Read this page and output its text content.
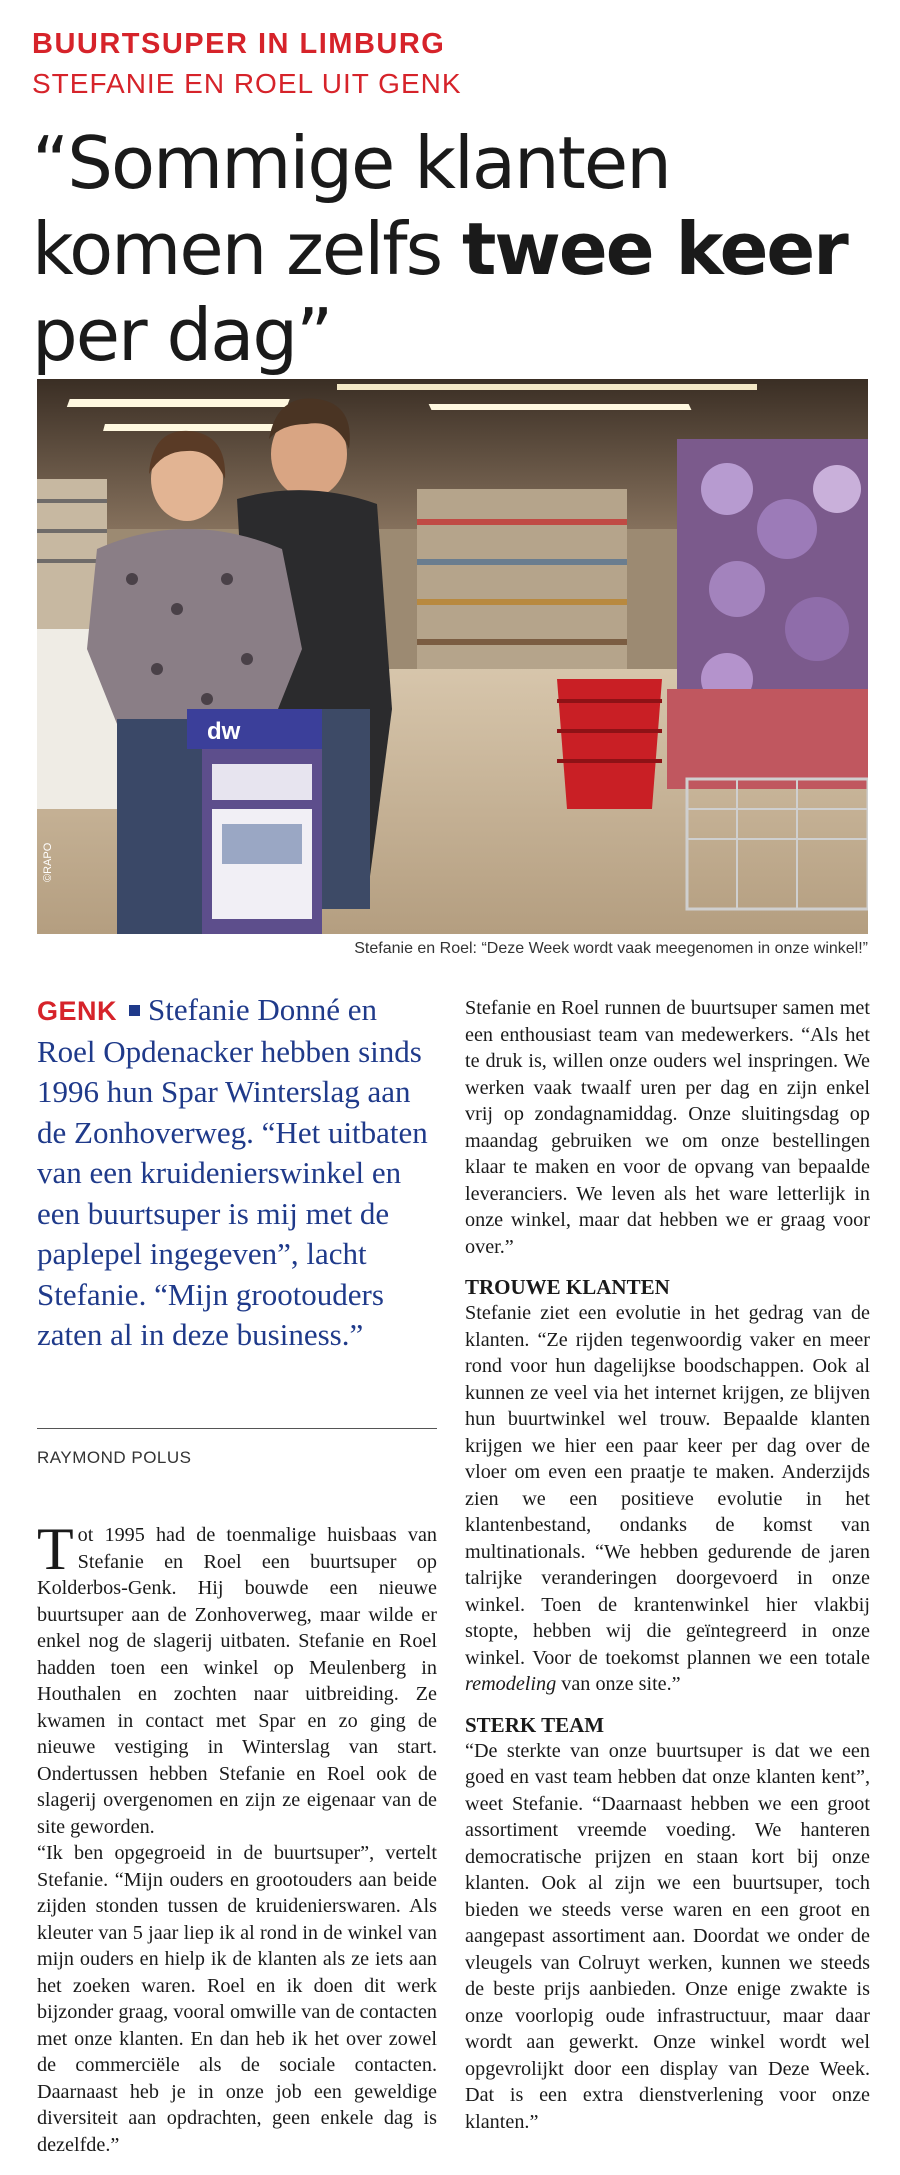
BUURTSUPER IN LIMBURG
STEFANIE EN ROEL UIT GENK
“Sommige klanten komen zelfs twee keer per dag”
dw
©RAPO
Stefanie en Roel: “Deze Week wordt vaak meegenomen in onze winkel!”
GENK Stefanie Donné en Roel Opdenacker hebben sinds 1996 hun Spar Winterslag aan de Zonhoverweg. “Het uitbaten van een kruidenierswinkel en een buurtsuper is mij met de paplepel ingegeven”, lacht Stefanie. “Mijn grootouders zaten al in deze business.”
RAYMOND POLUS

Tot 1995 had de toenmalige huisbaas van Stefanie en Roel een buurtsuper op Kolderbos-Genk. Hij bouwde een nieuwe buurtsuper aan de Zonhoverweg, maar wilde er enkel nog de slagerij uitbaten. Stefanie en Roel hadden toen een winkel op Meulenberg in Houthalen en zochten naar uitbreiding. Ze kwamen in contact met Spar en zo ging de nieuwe vestiging in Winterslag van start. Ondertussen hebben Stefanie en Roel ook de slagerij overgenomen en zijn ze eigenaar van de site geworden.

“Ik ben opgegroeid in de buurtsuper”, vertelt Stefanie. “Mijn ouders en grootouders aan beide zijden stonden tussen de kruidenierswaren. Als kleuter van 5 jaar liep ik al rond in de winkel van mijn ouders en hielp ik de klanten als ze iets aan het zoeken waren. Roel en ik doen dit werk bijzonder graag, vooral omwille van de contacten met onze klanten. En dan heb ik het over zowel de commerciële als de sociale contacten. Daarnaast heb je in onze job een geweldige diversiteit aan opdrachten, geen enkele dag is dezelfde.”

Stefanie en Roel runnen de buurtsuper samen met een enthousiast team van medewerkers. “Als het te druk is, willen onze ouders wel inspringen. We werken vaak twaalf uren per dag en zijn enkel vrij op zondagnamiddag. Onze sluitingsdag op maandag gebruiken we om onze bestellingen klaar te maken en voor de opvang van bepaalde leveranciers. We leven als het ware letterlijk in onze winkel, maar dat hebben we er graag voor over.”

TROUWE KLANTEN

Stefanie ziet een evolutie in het gedrag van de klanten. “Ze rijden tegenwoordig vaker en meer rond voor hun dagelijkse boodschappen. Ook al kunnen ze veel via het internet krijgen, ze blijven hun buurtwinkel wel trouw. Bepaalde klanten krijgen we hier een paar keer per dag over de vloer om even een praatje te maken. Anderzijds zien we een positieve evolutie in het klantenbestand, ondanks de komst van multinationals. “We hebben gedurende de jaren talrijke veranderingen doorgevoerd in onze winkel. Toen de krantenwinkel hier vlakbij stopte, hebben wij die geïntegreerd in onze winkel. Voor de toekomst plannen we een totale remodeling van onze site.”

STERK TEAM

“De sterkte van onze buurtsuper is dat we een goed en vast team hebben dat onze klanten kent”, weet Stefanie. “Daarnaast hebben we een groot assortiment vreemde voeding. We hanteren democratische prijzen en staan kort bij onze klanten. Ook al zijn we een buurtsuper, toch bieden we steeds verse waren en een groot en aangepast assortiment aan. Doordat we onder de vleugels van Colruyt werken, kunnen we steeds de beste prijs aanbieden. Onze enige zwakte is onze voorlopig oude infrastructuur, maar daar wordt aan gewerkt. Onze winkel wordt wel opgevrolijkt door een display van Deze Week. Dat is een extra dienstverlening voor onze klanten.”
